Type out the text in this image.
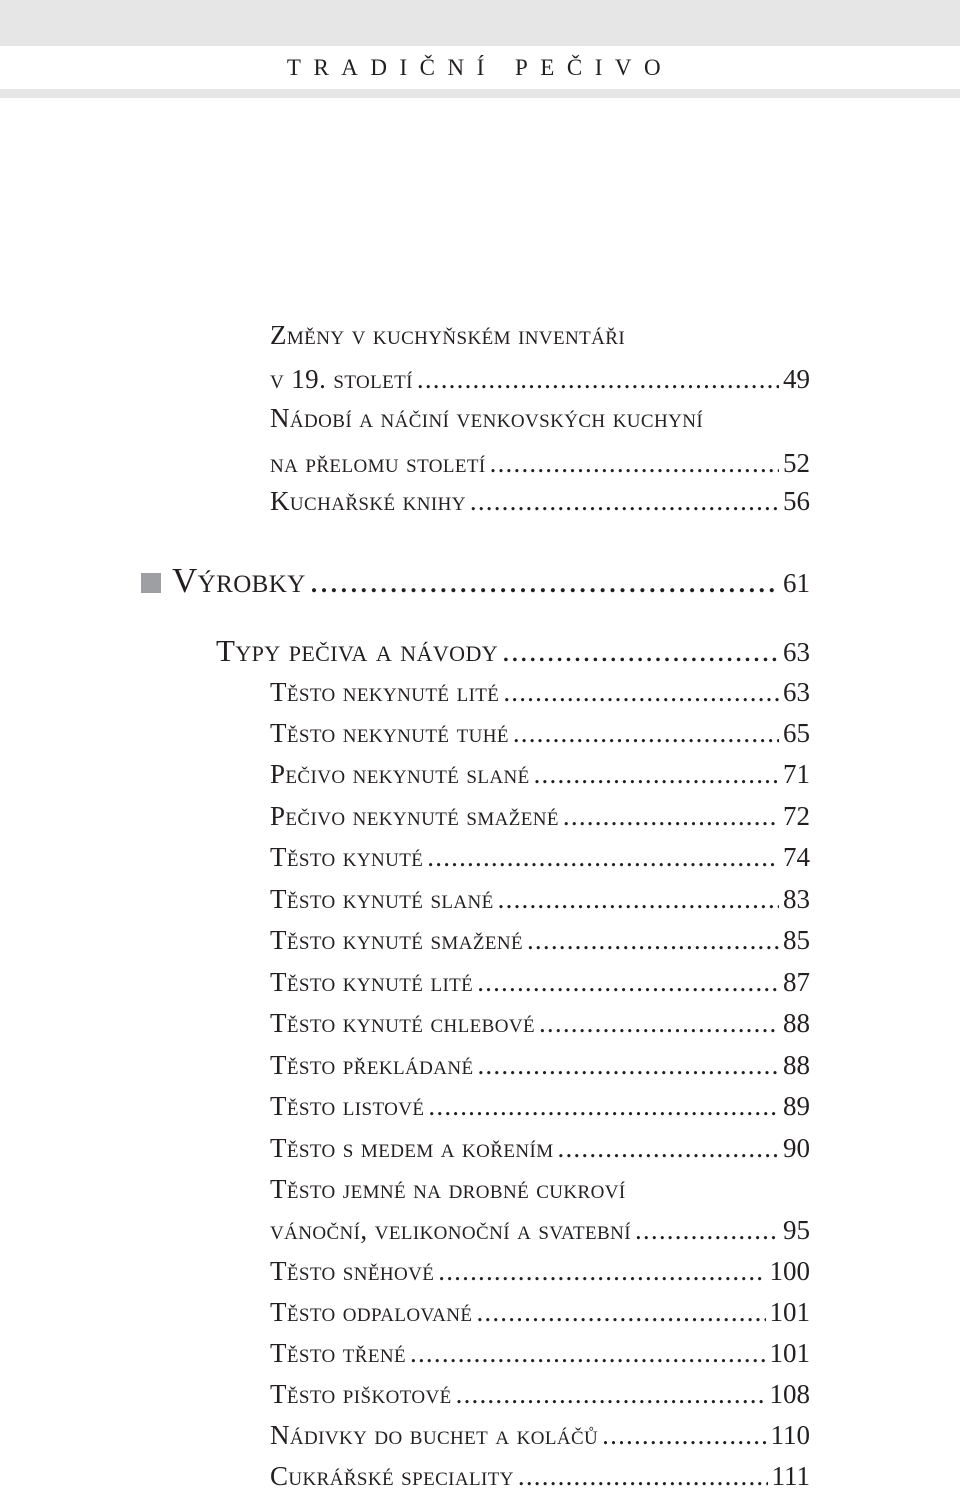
TRADIČNÍ PEČIVO
Změny v kuchyňském inventáři
v 19. století .....	49
Nádobí a náčiní venkovských kuchyní
na přelomu století .....	52
Kuchařské knihy .....	56
Výrobky .....	61
Typy pečiva a návody .....	63
Těsto nekynuté lité .....	63
Těsto nekynuté tuhé .....	65
Pečivo nekynuté slané .....	71
Pečivo nekynuté smažené .....	72
Těsto kynuté .....	74
Těsto kynuté slané .....	83
Těsto kynuté smažené .....	85
Těsto kynuté lité .....	87
Těsto kynuté chlebové .....	88
Těsto překládané .....	88
Těsto listové .....	89
Těsto s medem a kořením .....	90
Těsto jemné na drobné cukroví
vánoční, velikonoční a svatební .....	95
Těsto sněhové .....	100
Těsto odpalované .....	101
Těsto třené .....	101
Těsto piškotové .....	108
Nádivky do buchet a koláčů .....	110
Cukrářské speciality .....	111
